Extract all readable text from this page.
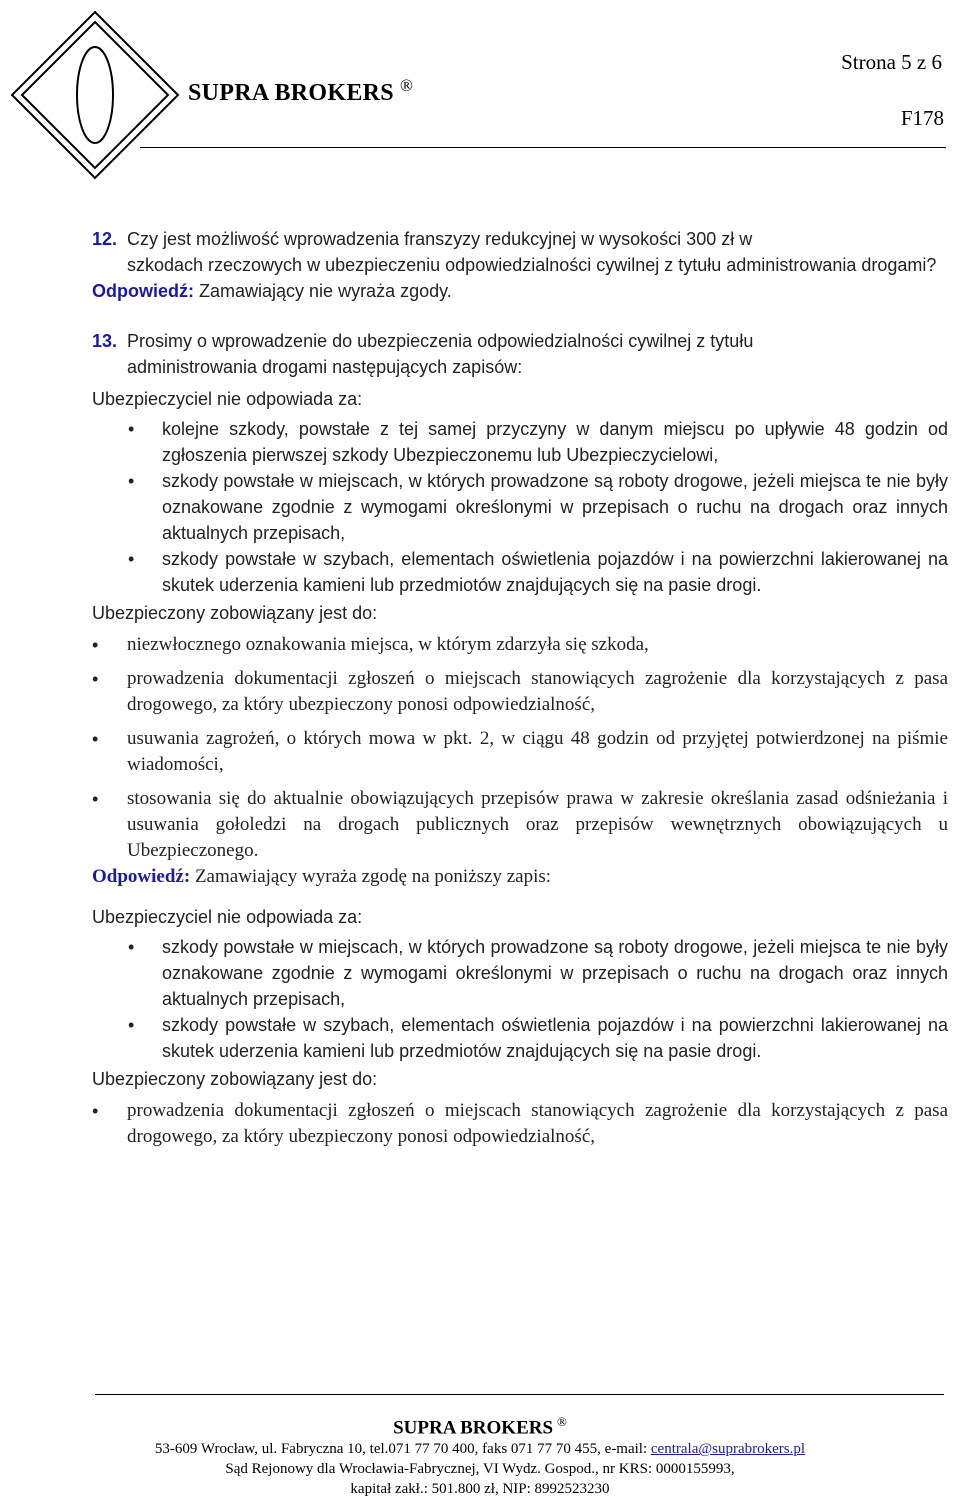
SUPRA BROKERS ®
Strona 5 z 6
F178

12. Czy jest możliwość wprowadzenia franszyzy redukcyjnej w wysokości 300 zł w
szkodach rzeczowych w ubezpieczeniu odpowiedzialności cywilnej z tytułu administrowania drogami?

Odpowiedź: Zamawiający nie wyraża zgody.

13. Prosimy o wprowadzenie do ubezpieczenia odpowiedzialności cywilnej z tytułu
administrowania drogami następujących zapisów:

Ubezpieczyciel nie odpowiada za:

• kolejne szkody, powstałe z tej samej przyczyny w danym miejscu po upływie 48 godzin od zgłoszenia pierwszej szkody Ubezpieczonemu lub Ubezpieczycielowi,
• szkody powstałe w miejscach, w których prowadzone są roboty drogowe, jeżeli miejsca te nie były oznakowane zgodnie z wymogami określonymi w przepisach o ruchu na drogach oraz innych aktualnych przepisach,
• szkody powstałe w szybach, elementach oświetlenia pojazdów i na powierzchni lakierowanej na skutek uderzenia kamieni lub przedmiotów znajdujących się na pasie drogi.

Ubezpieczony zobowiązany jest do:

• niezwłocznego oznakowania miejsca, w którym zdarzyła się szkoda,
• prowadzenia dokumentacji zgłoszeń o miejscach stanowiących zagrożenie dla korzystających z pasa drogowego, za który ubezpieczony ponosi odpowiedzialność,
• usuwania zagrożeń, o których mowa w pkt. 2, w ciągu 48 godzin od przyjętej potwierdzonej na piśmie wiadomości,
• stosowania się do aktualnie obowiązujących przepisów prawa w zakresie określania zasad odśnieżania i usuwania gołoledzi na drogach publicznych oraz przepisów wewnętrznych obowiązujących u Ubezpieczonego.

Odpowiedź: Zamawiający wyraża zgodę na poniższy zapis:

Ubezpieczyciel nie odpowiada za:

• szkody powstałe w miejscach, w których prowadzone są roboty drogowe, jeżeli miejsca te nie były oznakowane zgodnie z wymogami określonymi w przepisach o ruchu na drogach oraz innych aktualnych przepisach,
• szkody powstałe w szybach, elementach oświetlenia pojazdów i na powierzchni lakierowanej na skutek uderzenia kamieni lub przedmiotów znajdujących się na pasie drogi.

Ubezpieczony zobowiązany jest do:

• prowadzenia dokumentacji zgłoszeń o miejscach stanowiących zagrożenie dla korzystających z pasa drogowego, za który ubezpieczony ponosi odpowiedzialność,
SUPRA BROKERS ®
53-609 Wrocław, ul. Fabryczna 10, tel.071 77 70 400, faks 071 77 70 455, e-mail: centrala@suprabrokers.pl
Sąd Rejonowy dla Wrocławia-Fabrycznej, VI Wydz. Gospod., nr KRS: 0000155993,
kapitał zakł.: 501.800 zł, NIP: 8992523230
